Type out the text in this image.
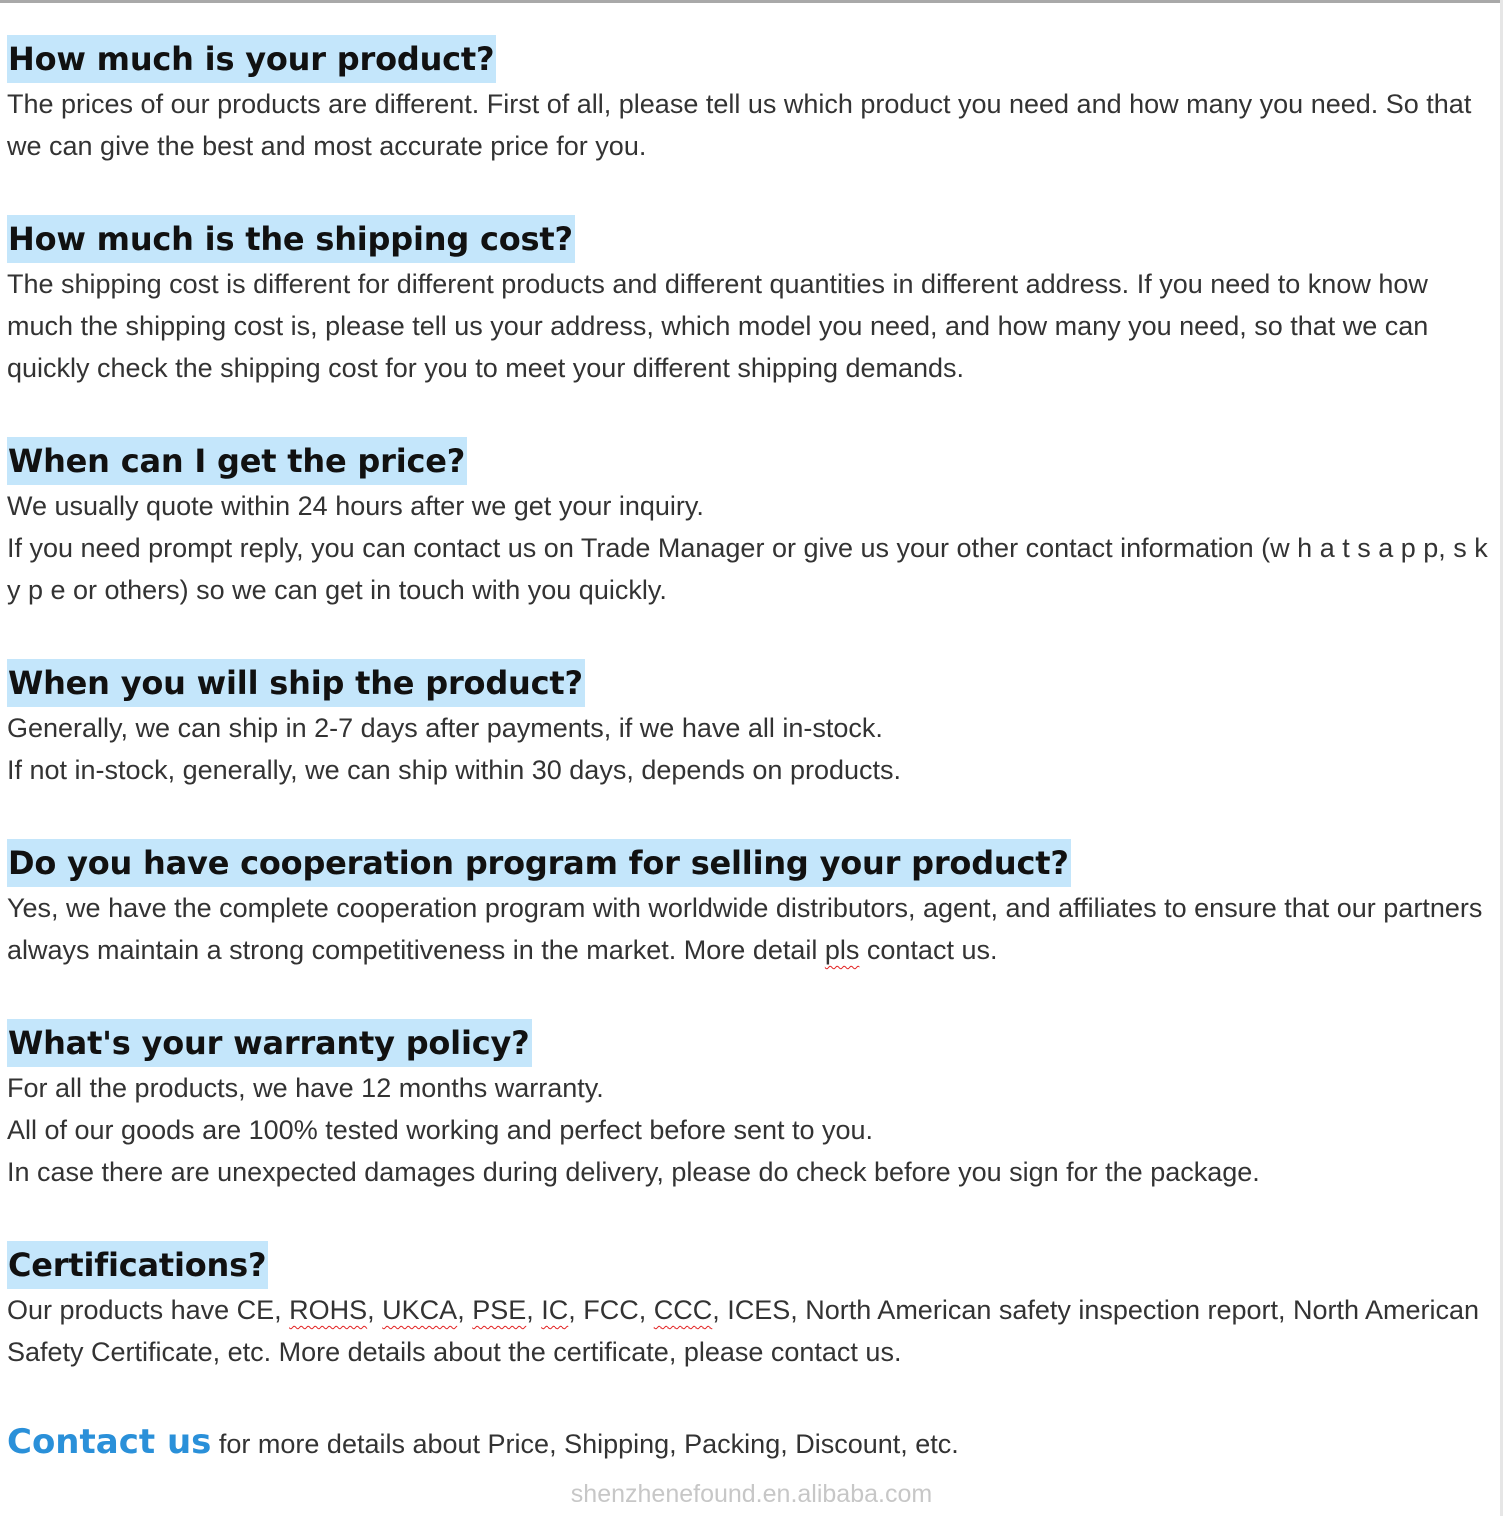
How much is your product?

The prices of our products are different. First of all, please tell us which product you need and how many you need. So that we can give the best and most accurate price for you.

How much is the shipping cost?

The shipping cost is different for different products and different quantities in different address. If you need to know how much the shipping cost is, please tell us your address, which model you need, and how many you need, so that we can quickly check the shipping cost for you to meet your different shipping demands.

When can I get the price?

We usually quote within 24 hours after we get your inquiry.

If you need prompt reply, you can contact us on Trade Manager or give us your other contact information (w h a t s a p p, s k y p e or others) so we can get in touch with you quickly.

When you will ship the product?

Generally, we can ship in 2-7 days after payments, if we have all in-stock.

If not in-stock, generally, we can ship within 30 days, depends on products.

Do you have cooperation program for selling your product?

Yes, we have the complete cooperation program with worldwide distributors, agent, and affiliates to ensure that our partners always maintain a strong competitiveness in the market. More detail pls contact us.

What's your warranty policy?

For all the products, we have 12 months warranty.

All of our goods are 100% tested working and perfect before sent to you.

In case there are unexpected damages during delivery, please do check before you sign for the package.

Certifications?

Our products have CE, ROHS, UKCA, PSE, IC, FCC, CCC, ICES, North American safety inspection report, North American Safety Certificate, etc. More details about the certificate, please contact us.

Contact us for more details about Price, Shipping, Packing, Discount, etc.
shenzhenefound.en.alibaba.com
